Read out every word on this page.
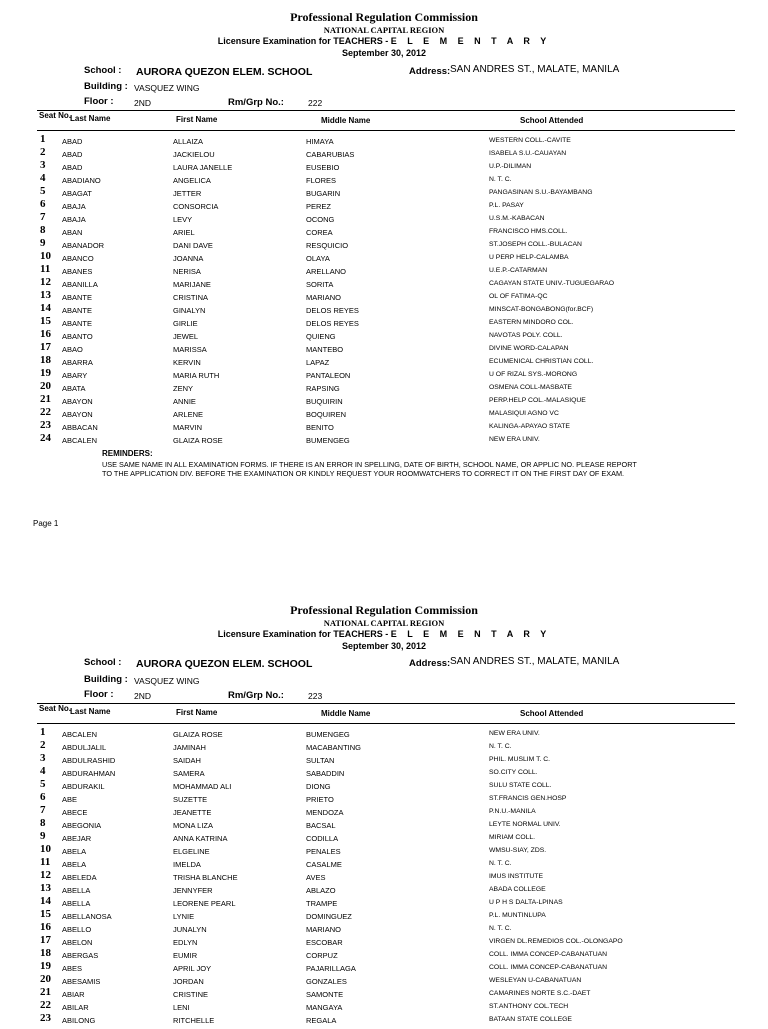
Professional Regulation Commission
NATIONAL CAPITAL REGION
Licensure Examination for TEACHERS - E L E M E N T A R Y
September 30, 2012
School : AURORA QUEZON ELEM. SCHOOL	Address: SAN ANDRES ST., MALATE, MANILA
Building : VASQUEZ WING
Floor : 2ND	Rm/Grp No.:	222
Seat No.
Last Name	First Name	Middle Name	School Attended
1 ABAD	ALLAIZA	HIMAYA	WESTERN COLL.-CAVITE
2 ABAD	JACKIELOU	CABARUBIAS	ISABELA S.U.-CAUAYAN
3 ABAD	LAURA JANELLE	EUSEBIO	U.P.-DILIMAN
4 ABADIANO	ANGELICA	FLORES	N. T. C.
5 ABAGAT	JETTER	BUGARIN	PANGASINAN S.U.-BAYAMBANG
6 ABAJA	CONSORCIA	PEREZ	P.L. PASAY
7 ABAJA	LEVY	OCONG	U.S.M.-KABACAN
8 ABAN	ARIEL	COREA	FRANCISCO HMS.COLL.
9 ABANADOR	DANI DAVE	RESQUICIO	ST.JOSEPH COLL.-BULACAN
10 ABANCO	JOANNA	OLAYA	U PERP HELP-CALAMBA
11 ABANES	NERISA	ARELLANO	U.E.P.-CATARMAN
12 ABANILLA	MARIJANE	SORITA	CAGAYAN STATE UNIV.-TUGUEGARAO
13 ABANTE	CRISTINA	MARIANO	OL OF FATIMA-QC
14 ABANTE	GINALYN	DELOS REYES	MINSCAT-BONGABONG(for.BCF)
15 ABANTE	GIRLIE	DELOS REYES	EASTERN MINDORO COL.
16 ABANTO	JEWEL	QUIENG	NAVOTAS POLY. COLL.
17 ABAO	MARISSA	MANTEBO	DIVINE WORD-CALAPAN
18 ABARRA	KERVIN	LAPAZ	ECUMENICAL CHRISTIAN COLL.
19 ABARY	MARIA RUTH	PANTALEON	U OF RIZAL SYS.-MORONG
20 ABATA	ZENY	RAPSING	OSMENA COLL-MASBATE
21 ABAYON	ANNIE	BUQUIRIN	PERP.HELP COL.-MALASIQUE
22 ABAYON	ARLENE	BOQUIREN	MALASIQUI AGNO VC
23 ABBACAN	MARVIN	BENITO	KALINGA-APAYAO STATE
24 ABCALEN	GLAIZA ROSE	BUMENGEG	NEW ERA UNIV.
REMINDERS:
USE SAME NAME IN ALL EXAMINATION FORMS. IF THERE IS AN ERROR IN SPELLING, DATE OF BIRTH, SCHOOL NAME, OR APPLIC NO. PLEASE REPORT
TO THE APPLICATION DIV. BEFORE THE EXAMINATION OR KINDLY REQUEST YOUR ROOMWATCHERS TO CORRECT IT ON THE FIRST DAY OF EXAM.
Page 1
Professional Regulation Commission
NATIONAL CAPITAL REGION
Licensure Examination for TEACHERS - E L E M E N T A R Y
September 30, 2012
School : AURORA QUEZON ELEM. SCHOOL	Address: SAN ANDRES ST., MALATE, MANILA
Building : VASQUEZ WING
Floor : 2ND	Rm/Grp No.:	223
Seat No.
Last Name	First Name	Middle Name	School Attended
1 ABCALEN	GLAIZA ROSE	BUMENGEG	NEW ERA UNIV.
2 ABDULJALIL	JAMINAH	MACABANTING	N. T. C.
3 ABDULRASHID	SAIDAH	SULTAN	PHIL. MUSLIM T. C.
4 ABDURAHMAN	SAMERA	SABADDIN	SO.CITY COLL.
5 ABDURAKIL	MOHAMMAD ALI	DIONG	SULU STATE COLL.
6 ABE	SUZETTE	PRIETO	ST.FRANCIS GEN.HOSP
7 ABECE	JEANETTE	MENDOZA	P.N.U.-MANILA
8 ABEGONIA	MONA LIZA	BACSAL	LEYTE NORMAL UNIV.
9 ABEJAR	ANNA KATRINA	CODILLA	MIRIAM COLL.
10 ABELA	ELGELINE	PENALES	WMSU-SIAY, ZDS.
11 ABELA	IMELDA	CASALME	N. T. C.
12 ABELEDA	TRISHA BLANCHE	AVES	IMUS INSTITUTE
13 ABELLA	JENNYFER	ABLAZO	ABADA COLLEGE
14 ABELLA	LEORENE PEARL	TRAMPE	U P H S DALTA-LPINAS
15 ABELLANOSA	LYNIE	DOMINGUEZ	P.L. MUNTINLUPA
16 ABELLO	JUNALYN	MARIANO	N. T. C.
17 ABELON	EDLYN	ESCOBAR	VIRGEN DL.REMEDIOS COL.-OLONGAPO
18 ABERGAS	EUMIR	CORPUZ	COLL. IMMA CONCEP-CABANATUAN
19 ABES	APRIL JOY	PAJARILLAGA	COLL. IMMA CONCEP-CABANATUAN
20 ABESAMIS	JORDAN	GONZALES	WESLEYAN U-CABANATUAN
21 ABIAR	CRISTINE	SAMONTE	CAMARINES NORTE S.C.-DAET
22 ABILAR	LENI	MANGAYA	ST.ANTHONY COL.TECH
23 ABILONG	RITCHELLE	REGALA	BATAAN STATE COLLEGE
